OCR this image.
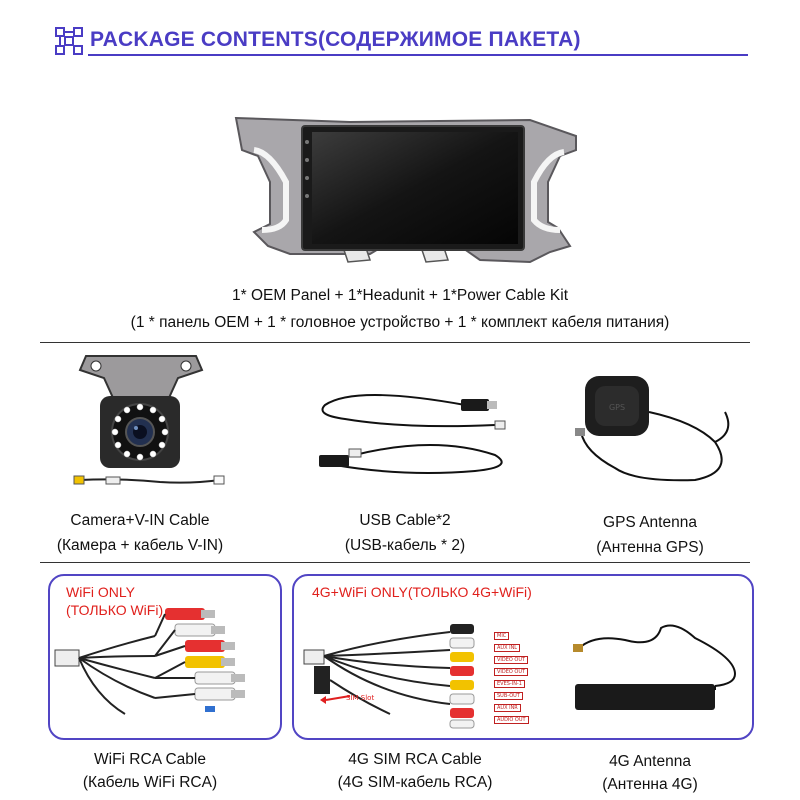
PACKAGE CONTENTS(СОДЕРЖИМОЕ ПАКЕТА)
1* OEM Panel + 1*Headunit + 1*Power Cable Kit
(1 * панель OEM + 1 * головное устройство + 1 * комплект кабеля питания)
GPS
Camera+V-IN Cable
(Камера + кабель V-IN)
USB Cable*2
(USB-кабель * 2)
GPS Antenna
(Антенна GPS)
WiFi ONLY
(ТОЛЬКО WiFi)
WiFi RCA Cable
(Кабель WiFi RCA)
4G+WiFi ONLY(ТОЛЬКО 4G+WiFi)
MIC
AUX INL
VIDEO OUT
VIDEO OUT
EVES-IN-1
SUB-OUT
AUX INR
AUDIO OUT
SIM Slot
4G SIM RCA Cable
(4G SIM-кабель RCA)
4G Antenna
(Антенна 4G)
